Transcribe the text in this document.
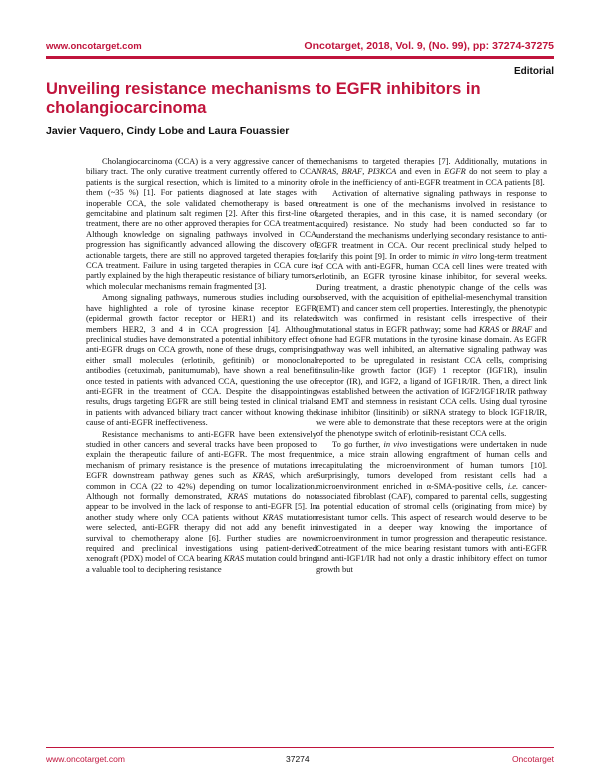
www.oncotarget.com	Oncotarget, 2018, Vol. 9, (No. 99), pp: 37274-37275
Editorial
Unveiling resistance mechanisms to EGFR inhibitors in cholangiocarcinoma
Javier Vaquero, Cindy Lobe and Laura Fouassier

Cholangiocarcinoma (CCA) is a very aggressive cancer of the biliary tract. The only curative treatment currently offered to CCA patients is the surgical resection, which is limited to a minority of them (~35 %) [1]. For patients diagnosed at late stages with inoperable CCA, the sole validated chemotherapy is based on gemcitabine and platinum salt regimen [2]. After this first-line of treatment, there are no other approved therapies for CCA treatment. Although knowledge on signaling pathways involved in CCA progression has significantly advanced allowing the discovery of actionable targets, there are still no approved targeted therapies for CCA treatment. Failure in using targeted therapies in CCA cure is partly explained by the high therapeutic resistance of biliary tumors, which molecular mechanisms remain fragmented [3].

Among signaling pathways, numerous studies including ours have highlighted a role of tyrosine kinase receptor EGFR (epidermal growth factor receptor or HER1) and its related members HER2, 3 and 4 in CCA progression [4]. Although preclinical studies have demonstrated a potential inhibitory effect of anti-EGFR drugs on CCA growth, none of these drugs, comprising either small molecules (erlotinib, gefitinib) or monoclonal antibodies (cetuximab, panitumumab), have shown a real benefit once tested in patients with advanced CCA, questioning the use of anti-EGFR in the treatment of CCA. Despite the disappointing results, drugs targeting EGFR are still being tested in clinical trials in patients with advanced biliary tract cancer without knowing the cause of anti-EGFR ineffectiveness.

Resistance mechanisms to anti-EGFR have been extensively studied in other cancers and several tracks have been proposed to explain the therapeutic failure of anti-EGFR. The most frequent mechanism of primary resistance is the presence of mutations in EGFR downstream pathway genes such as KRAS, which are common in CCA (22 to 42%) depending on tumor localization. Although not formally demonstrated, KRAS mutations do not appear to be involved in the lack of response to anti-EGFR [5]. In another study where only CCA patients without KRAS mutation were selected, anti-EGFR therapy did not add any benefit in survival to chemotherapy alone [6]. Further studies are now required and preclinical investigations using patient-derived xenograft (PDX) model of CCA bearing KRAS mutation could bring a valuable tool to deciphering resistance

mechanisms to targeted therapies [7]. Additionally, mutations in NRAS, BRAF, PI3KCA and even in EGFR do not seem to play a role in the inefficiency of anti-EGFR treatment in CCA patients [8].

Activation of alternative signaling pathways in response to treatment is one of the mechanisms involved in resistance to targeted therapies, and in this case, it is named secondary (or acquired) resistance. No study had been conducted so far to understand the mechanisms underlying secondary resistance to anti-EGFR treatment in CCA. Our recent preclinical study helped to clarify this point [9]. In order to mimic in vitro long-term treatment of CCA with anti-EGFR, human CCA cell lines were treated with erlotinib, an EGFR tyrosine kinase inhibitor, for several weeks. During treatment, a drastic phenotypic change of the cells was observed, with the acquisition of epithelial-mesenchymal transition (EMT) and cancer stem cell properties. Interestingly, the phenotypic switch was confirmed in resistant cells irrespective of their mutational status in EGFR pathway; some had KRAS or BRAF and none had EGFR mutations in the tyrosine kinase domain. As EGFR pathway was well inhibited, an alternative signaling pathway was reported to be upregulated in resistant CCA cells, comprising insulin-like growth factor (IGF) 1 receptor (IGF1R), insulin receptor (IR), and IGF2, a ligand of IGF1R/IR. Then, a direct link was established between the activation of IGF2/IGF1R/IR pathway and EMT and stemness in resistant CCA cells. Using dual tyrosine kinase inhibitor (linsitinib) or siRNA strategy to block IGF1R/IR, we were able to demonstrate that these receptors were at the origin of the phenotype switch of erlotinib-resistant CCA cells.

To go further, in vivo investigations were undertaken in nude mice, a mice strain allowing engraftment of human cells and recapitulating the microenvironment of human tumors [10]. Surprisingly, tumors developed from resistant cells had a microenvironment enriched in α-SMA-positive cells, i.e. cancer-associated fibroblast (CAF), compared to parental cells, suggesting a potential education of stromal cells (originating from mice) by resistant tumor cells. This aspect of research would deserve to be investigated in a deeper way knowing the importance of microenvironment in tumor progression and therapeutic resistance. Cotreatment of the mice bearing resistant tumors with anti-EGFR and anti-IGF1/IR had not only a drastic inhibitory effect on tumor growth but

www.oncotarget.com	37274	Oncotarget
